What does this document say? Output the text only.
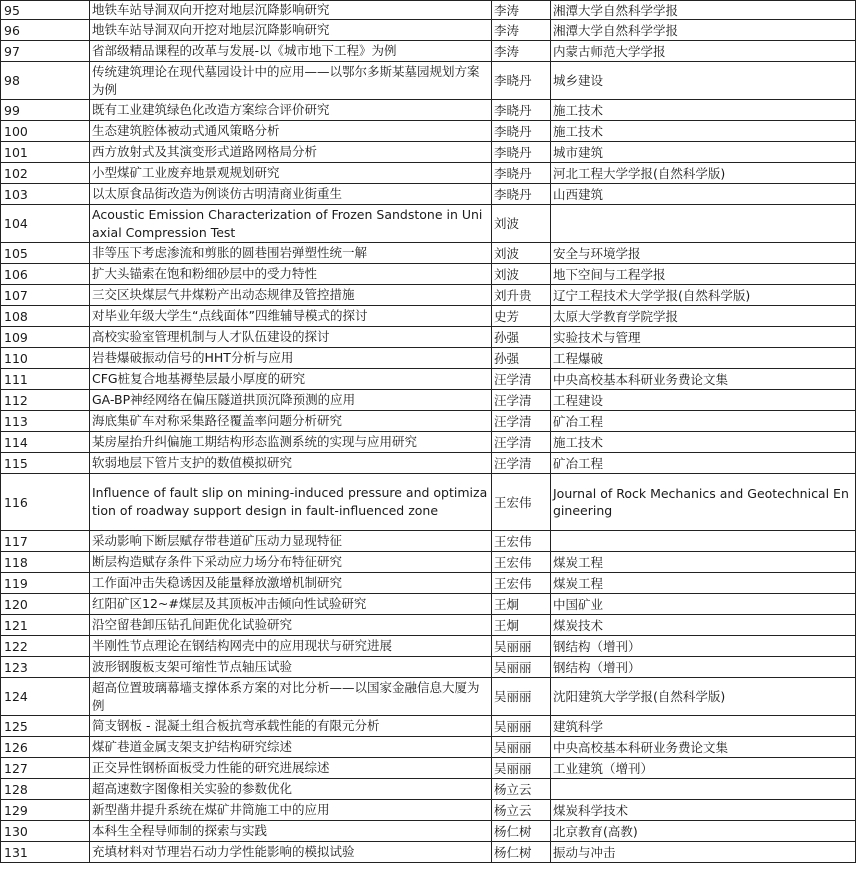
95	地铁车站导洞双向开挖对地层沉降影响研究	李涛	湘潭大学自然科学学报
96	地铁车站导洞双向开挖对地层沉降影响研究	李涛	湘潭大学自然科学学报
97	省部级精品课程的改革与发展-以《城市地下工程》为例	李涛	内蒙古师范大学学报
98	传统建筑理论在现代墓园设计中的应用——以鄂尔多斯某墓园规划方案为例	李晓丹	城乡建设
99	既有工业建筑绿色化改造方案综合评价研究	李晓丹	施工技术
100	生态建筑腔体被动式通风策略分析	李晓丹	施工技术
101	西方放射式及其演变形式道路网格局分析	李晓丹	城市建筑
102	小型煤矿工业废弃地景观规划研究	李晓丹	河北工程大学学报(自然科学版)
103	以太原食品街改造为例谈仿古明清商业街重生	李晓丹	山西建筑
104	Acoustic Emission Characterization of Frozen Sandstone in Uniaxial Compression Test	刘波	
105	非等压下考虑渗流和剪胀的圆巷围岩弹塑性统一解	刘波	安全与环境学报
106	扩大头锚索在饱和粉细砂层中的受力特性	刘波	地下空间与工程学报
107	三交区块煤层气井煤粉产出动态规律及管控措施	刘升贵	辽宁工程技术大学学报(自然科学版)
108	对毕业年级大学生“点线面体”四维辅导模式的探讨	史芳	太原大学教育学院学报
109	高校实验室管理机制与人才队伍建设的探讨	孙强	实验技术与管理
110	岩巷爆破振动信号的HHT分析与应用	孙强	工程爆破
111	CFG桩复合地基褥垫层最小厚度的研究	汪学清	中央高校基本科研业务费论文集
112	GA-BP神经网络在偏压隧道拱顶沉降预测的应用	汪学清	工程建设
113	海底集矿车对称采集路径覆盖率问题分析研究	汪学清	矿冶工程
114	某房屋抬升纠偏施工期结构形态监测系统的实现与应用研究	汪学清	施工技术
115	软弱地层下管片支护的数值模拟研究	汪学清	矿冶工程
116	Influence of fault slip on mining-induced pressure and optimization of roadway support design in fault-influenced zone	王宏伟	Journal of Rock Mechanics and Geotechnical Engineering
117	采动影响下断层赋存带巷道矿压动力显现特征	王宏伟	
118	断层构造赋存条件下采动应力场分布特征研究	王宏伟	煤炭工程
119	工作面冲击失稳诱因及能量释放激增机制研究	王宏伟	煤炭工程
120	红阳矿区12~#煤层及其顶板冲击倾向性试验研究	王炯	中国矿业
121	沿空留巷卸压钻孔间距优化试验研究	王炯	煤炭技术
122	半刚性节点理论在钢结构网壳中的应用现状与研究进展	吴丽丽	钢结构（增刊）
123	波形钢腹板支架可缩性节点轴压试验	吴丽丽	钢结构（增刊）
124	超高位置玻璃幕墙支撑体系方案的对比分析——以国家金融信息大厦为例	吴丽丽	沈阳建筑大学学报(自然科学版)
125	简支钢板 - 混凝土组合板抗弯承载性能的有限元分析	吴丽丽	建筑科学
126	煤矿巷道金属支架支护结构研究综述	吴丽丽	中央高校基本科研业务费论文集
127	正交异性钢桥面板受力性能的研究进展综述	吴丽丽	工业建筑（增刊）
128	超高速数字图像相关实验的参数优化	杨立云	
129	新型凿井提升系统在煤矿井筒施工中的应用	杨立云	煤炭科学技术
130	本科生全程导师制的探索与实践	杨仁树	北京教育(高教)
131	充填材料对节理岩石动力学性能影响的模拟试验	杨仁树	振动与冲击
